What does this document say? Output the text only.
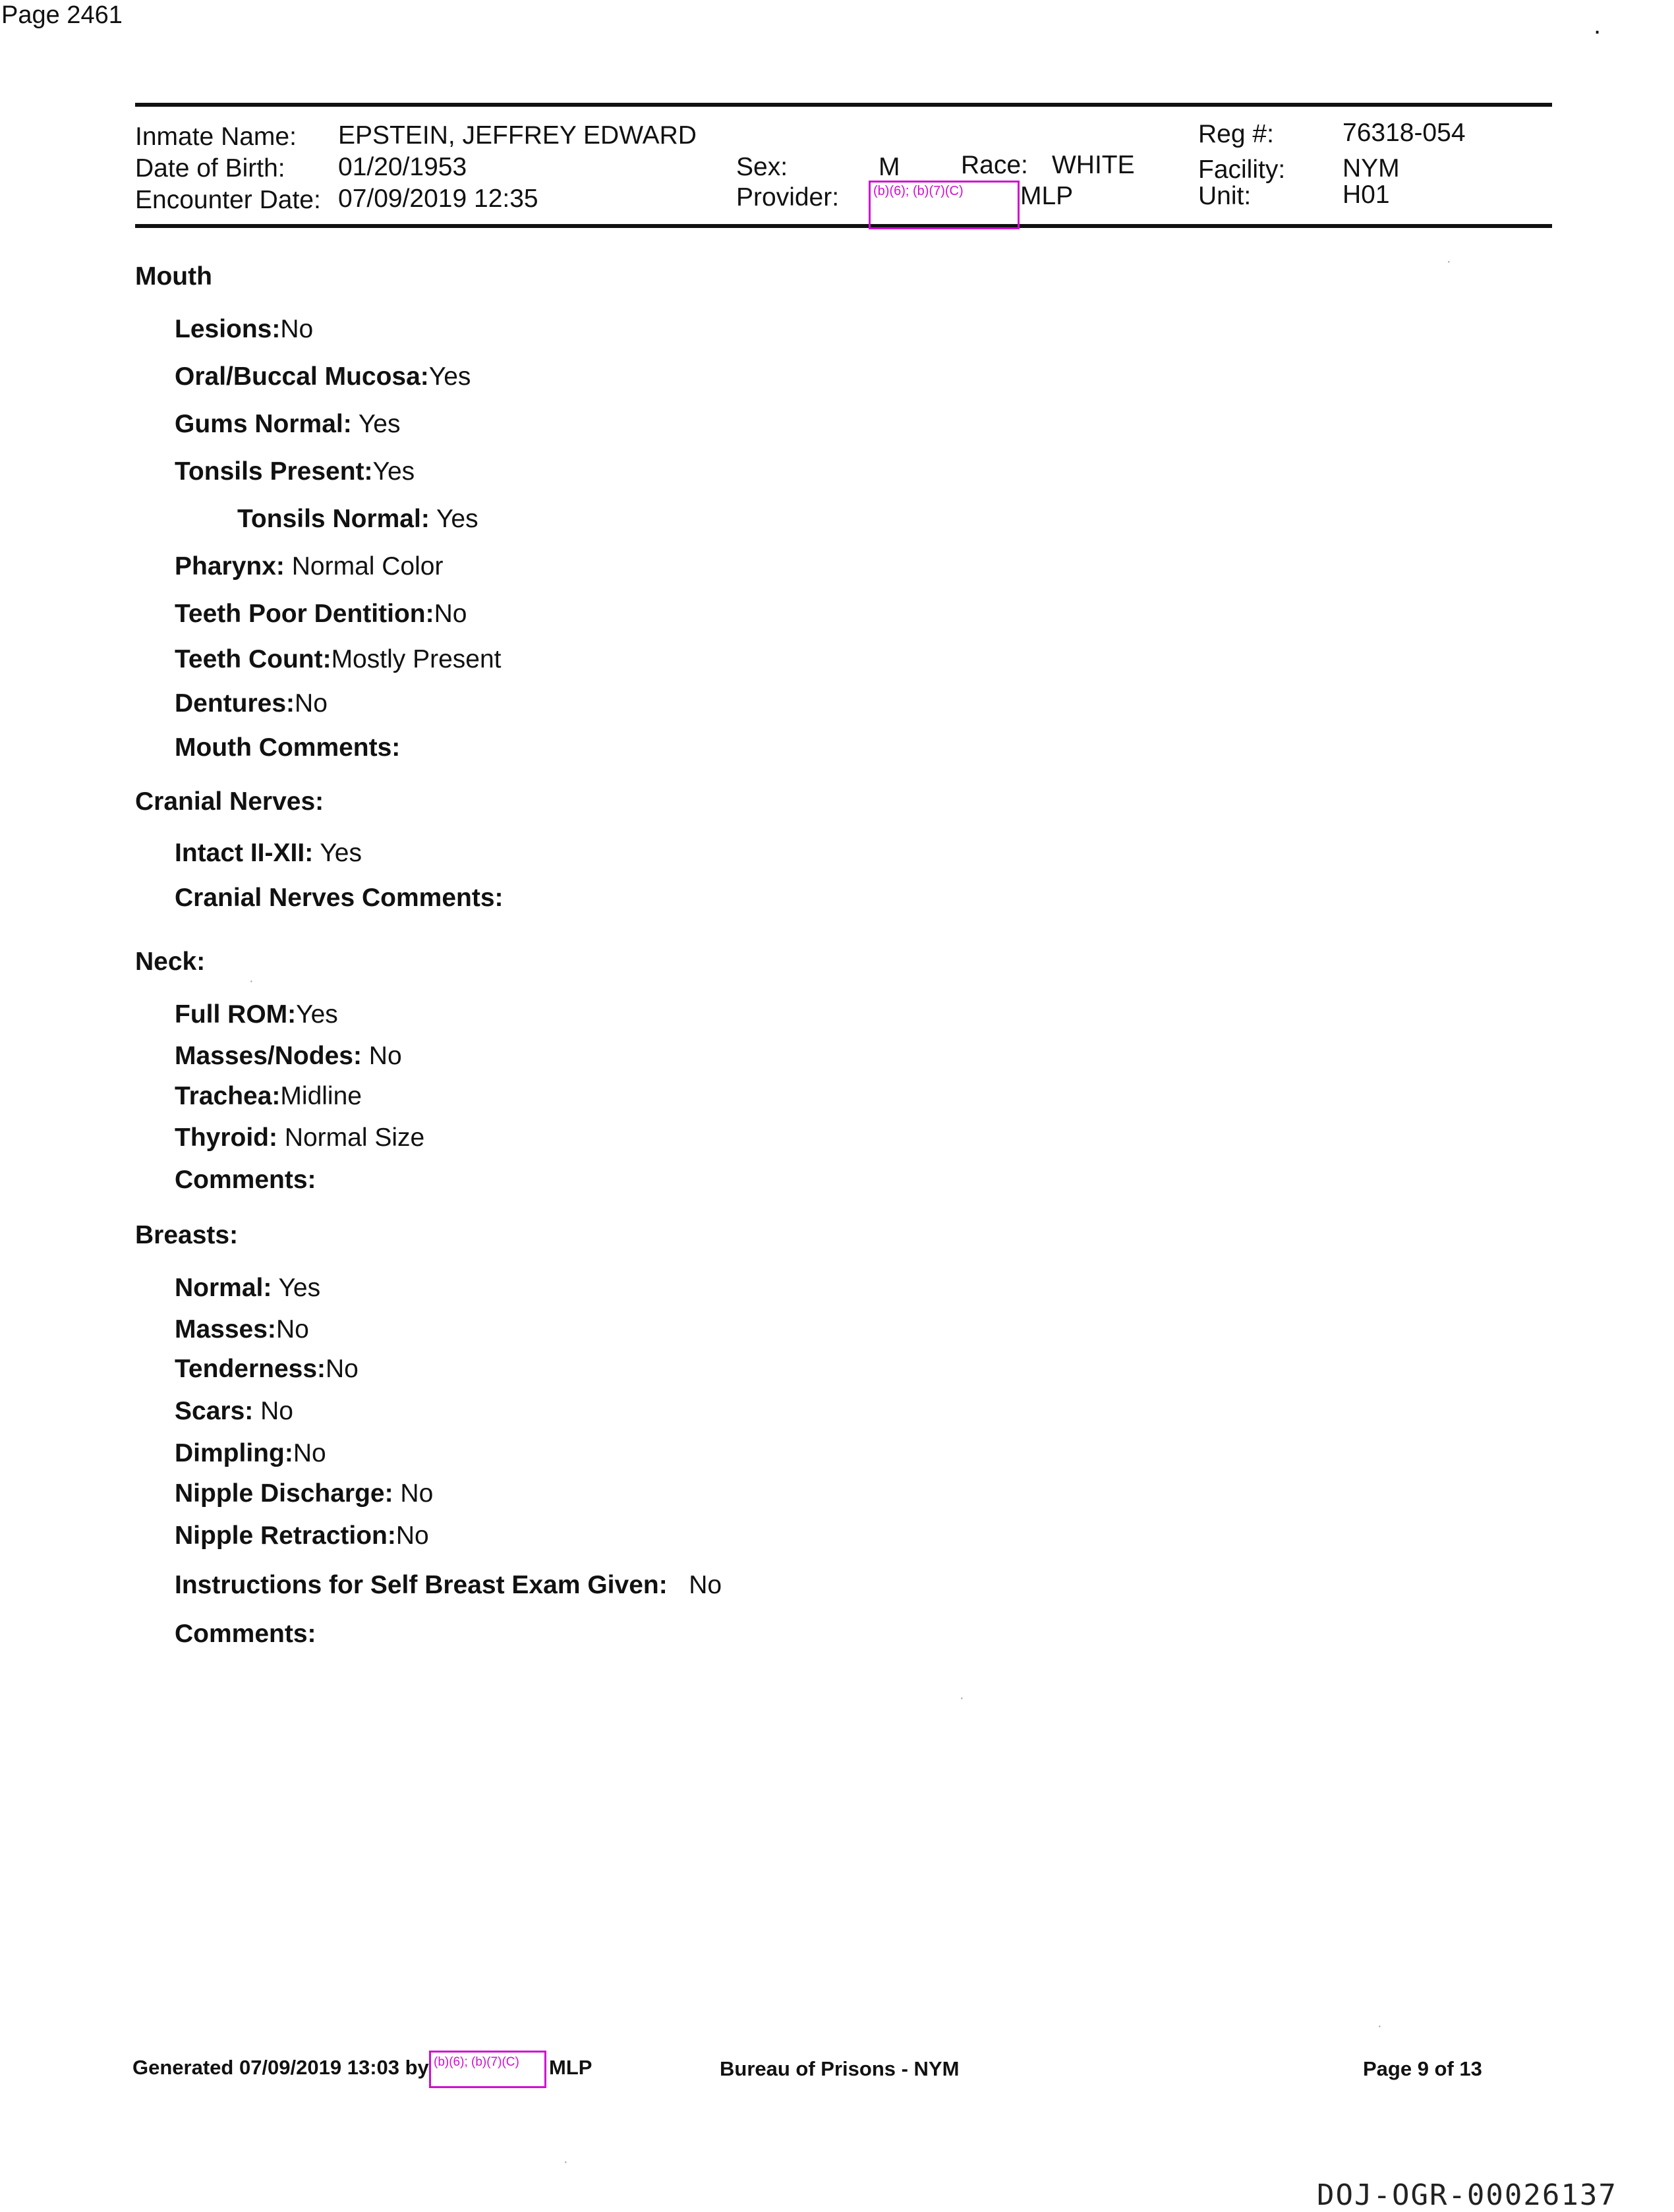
Page 2461	.
Inmate Name: EPSTEIN, JEFFREY EDWARD
Date of Birth: 01/20/1953
Encounter Date: 07/09/2019 12:35
Sex:	M Race: WHITE
Provider:	(b)(6); (b)(7)(C)	MLP
Reg #:	76318-054
Facility: NYM
Unit:	H01
Mouth
Lesions:No
Oral/Buccal Mucosa:Yes
Gums Normal: Yes
Tonsils Present:Yes
Tonsils Normal: Yes
Pharynx: Normal Color
Teeth Poor Dentition:No
Teeth Count:Mostly Present
Dentures:No
Mouth Comments:
Cranial Nerves:
Intact II-XII: Yes
Cranial Nerves Comments:
Neck:
Full ROM:Yes
Masses/Nodes: No
Trachea:Midline
Thyroid: Normal Size
Comments:
Breasts:
Normal: Yes
Masses:No
Tenderness:No
Scars: No
Dimpling:No
Nipple Discharge: No
Nipple Retraction:No
Instructions for Self Breast Exam Given:   No
Comments:
·
·
·
·
·
Generated 07/09/2019 13:03 by (b)(6); (b)(7)(C)	MLP	Bureau of Prisons - NYM	Page 9 of 13
DOJ-OGR-00026137
